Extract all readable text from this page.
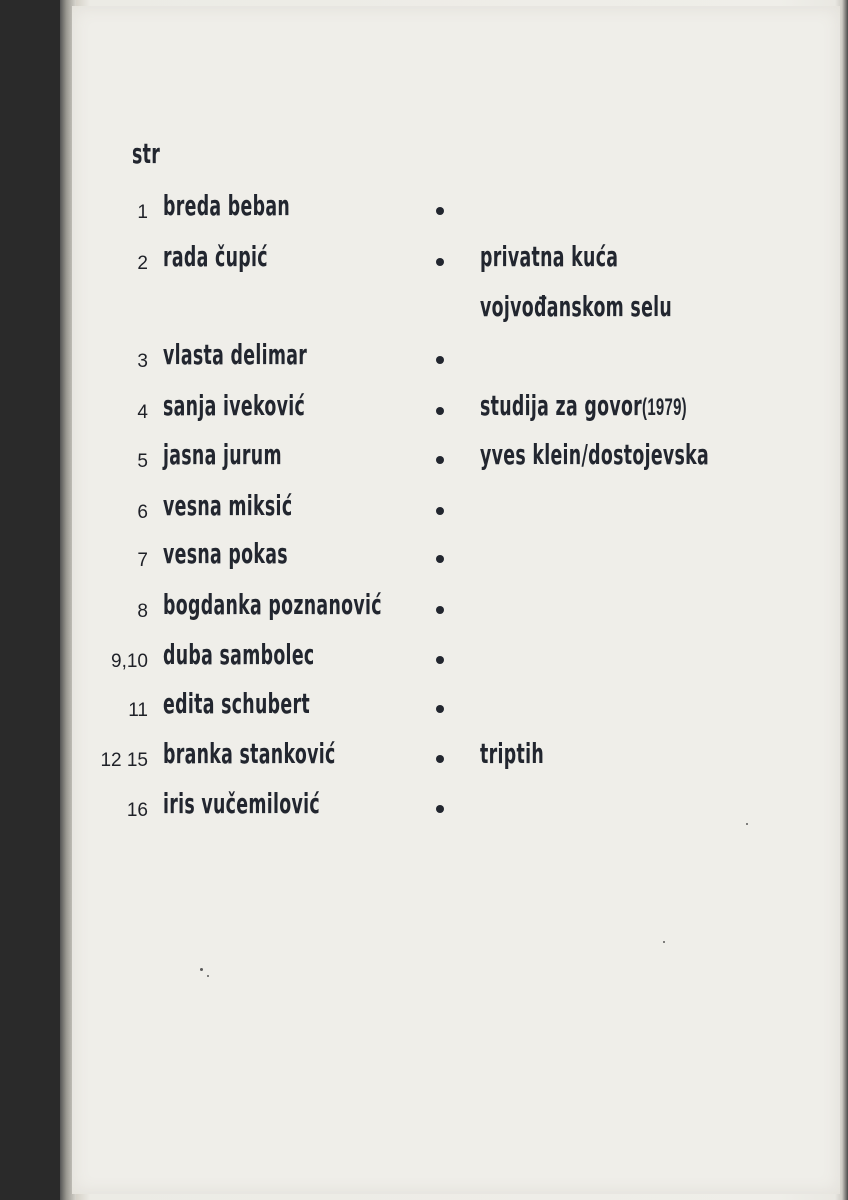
str
1 breda beban
2 rada čupić	privatna kuća
vojvođanskom selu
3 vlasta delimar
4 sanja iveković	studija za govor(1979)
5 jasna jurum	yves klein/dostojevska
6 vesna miksić
7 vesna pokas
8 bogdanka poznanović
9,10 duba sambolec
11 edita schubert
12 15 branka stanković	triptih
16 iris vučemilović
